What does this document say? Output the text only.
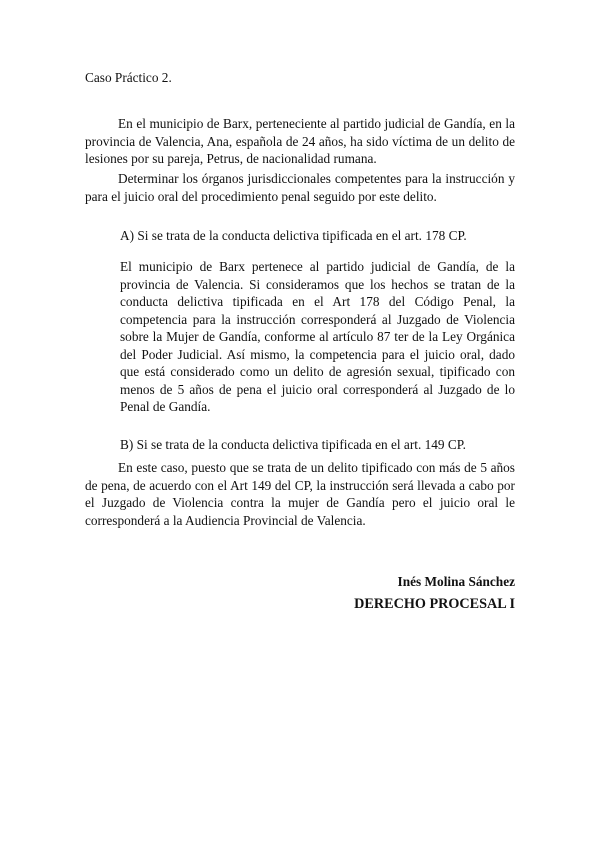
Caso Práctico 2.

En el municipio de Barx, perteneciente al partido judicial de Gandía, en la provincia de Valencia, Ana, española de 24 años, ha sido víctima de un delito de lesiones por su pareja, Petrus, de nacionalidad rumana.

Determinar los órganos jurisdiccionales competentes para la instrucción y para el juicio oral del procedimiento penal seguido por este delito.

A) Si se trata de la conducta delictiva tipificada en el art. 178 CP.

El municipio de Barx pertenece al partido judicial de Gandía, de la provincia de Valencia. Si consideramos que los hechos se tratan de la conducta delictiva tipificada en el Art 178 del Código Penal, la competencia para la instrucción corresponderá al Juzgado de Violencia sobre la Mujer de Gandía, conforme al artículo 87 ter de la Ley Orgánica del Poder Judicial. Así mismo, la competencia para el juicio oral, dado que está considerado como un delito de agresión sexual, tipificado con menos de 5 años de pena el juicio oral corresponderá al Juzgado de lo Penal de Gandía.

B) Si se trata de la conducta delictiva tipificada en el art. 149 CP.

En este caso, puesto que se trata de un delito tipificado con más de 5 años de pena, de acuerdo con el Art 149 del CP, la instrucción será llevada a cabo por el Juzgado de Violencia contra la mujer de Gandía pero el juicio oral le corresponderá a la Audiencia Provincial de Valencia.

Inés Molina Sánchez
DERECHO PROCESAL I
